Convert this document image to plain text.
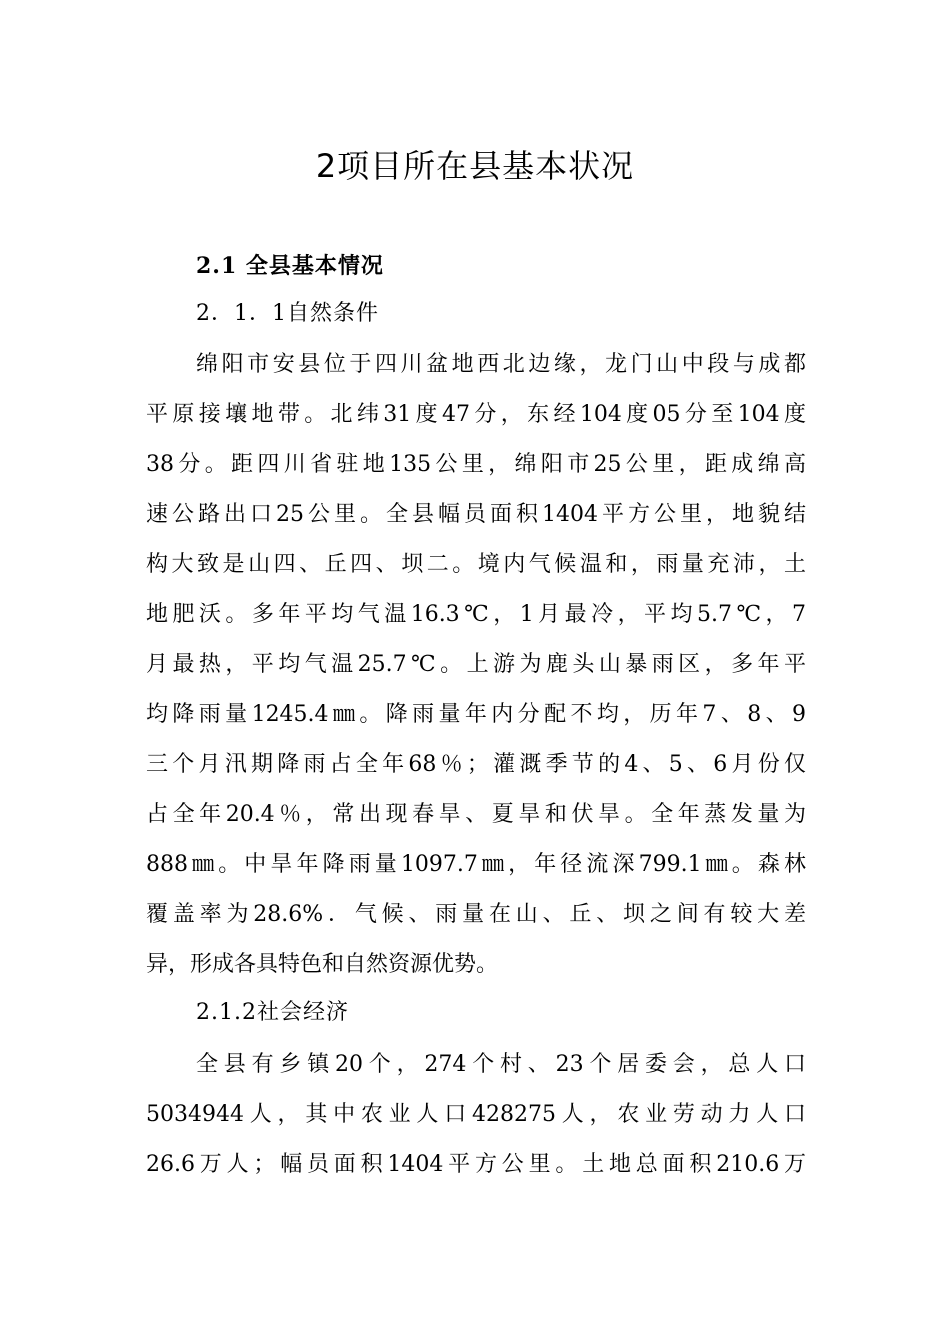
2项目所在县基本状况
2.1 全县基本情况
2．1．1自然条件
绵阳市安县位于四川盆地西北边缘，龙门山中段与成都
平原接壤地带。北纬31度47分，东经104度05分至104度
38分。距四川省驻地135公里，绵阳市25公里，距成绵高
速公路出口25公里。全县幅员面积1404平方公里，地貌结
构大致是山四、丘四、坝二。境内气候温和，雨量充沛，土
地肥沃。多年平均气温16.3℃，1月最冷，平均5.7℃，7
月最热，平均气温25.7℃。上游为鹿头山暴雨区，多年平
均降雨量1245.4㎜。降雨量年内分配不均，历年7、8、9
三个月汛期降雨占全年68％；灌溉季节的4、5、6月份仅
占全年20.4％，常出现春旱、夏旱和伏旱。全年蒸发量为
888㎜。中旱年降雨量1097.7㎜，年径流深799.1㎜。森林
覆盖率为28.6%．气候、雨量在山、丘、坝之间有较大差
异，形成各具特色和自然资源优势。
2.1.2社会经济
全县有乡镇20个，274个村、23个居委会，总人口
5034944人，其中农业人口428275人，农业劳动力人口
26.6万人；幅员面积1404平方公里。土地总面积210.6万
